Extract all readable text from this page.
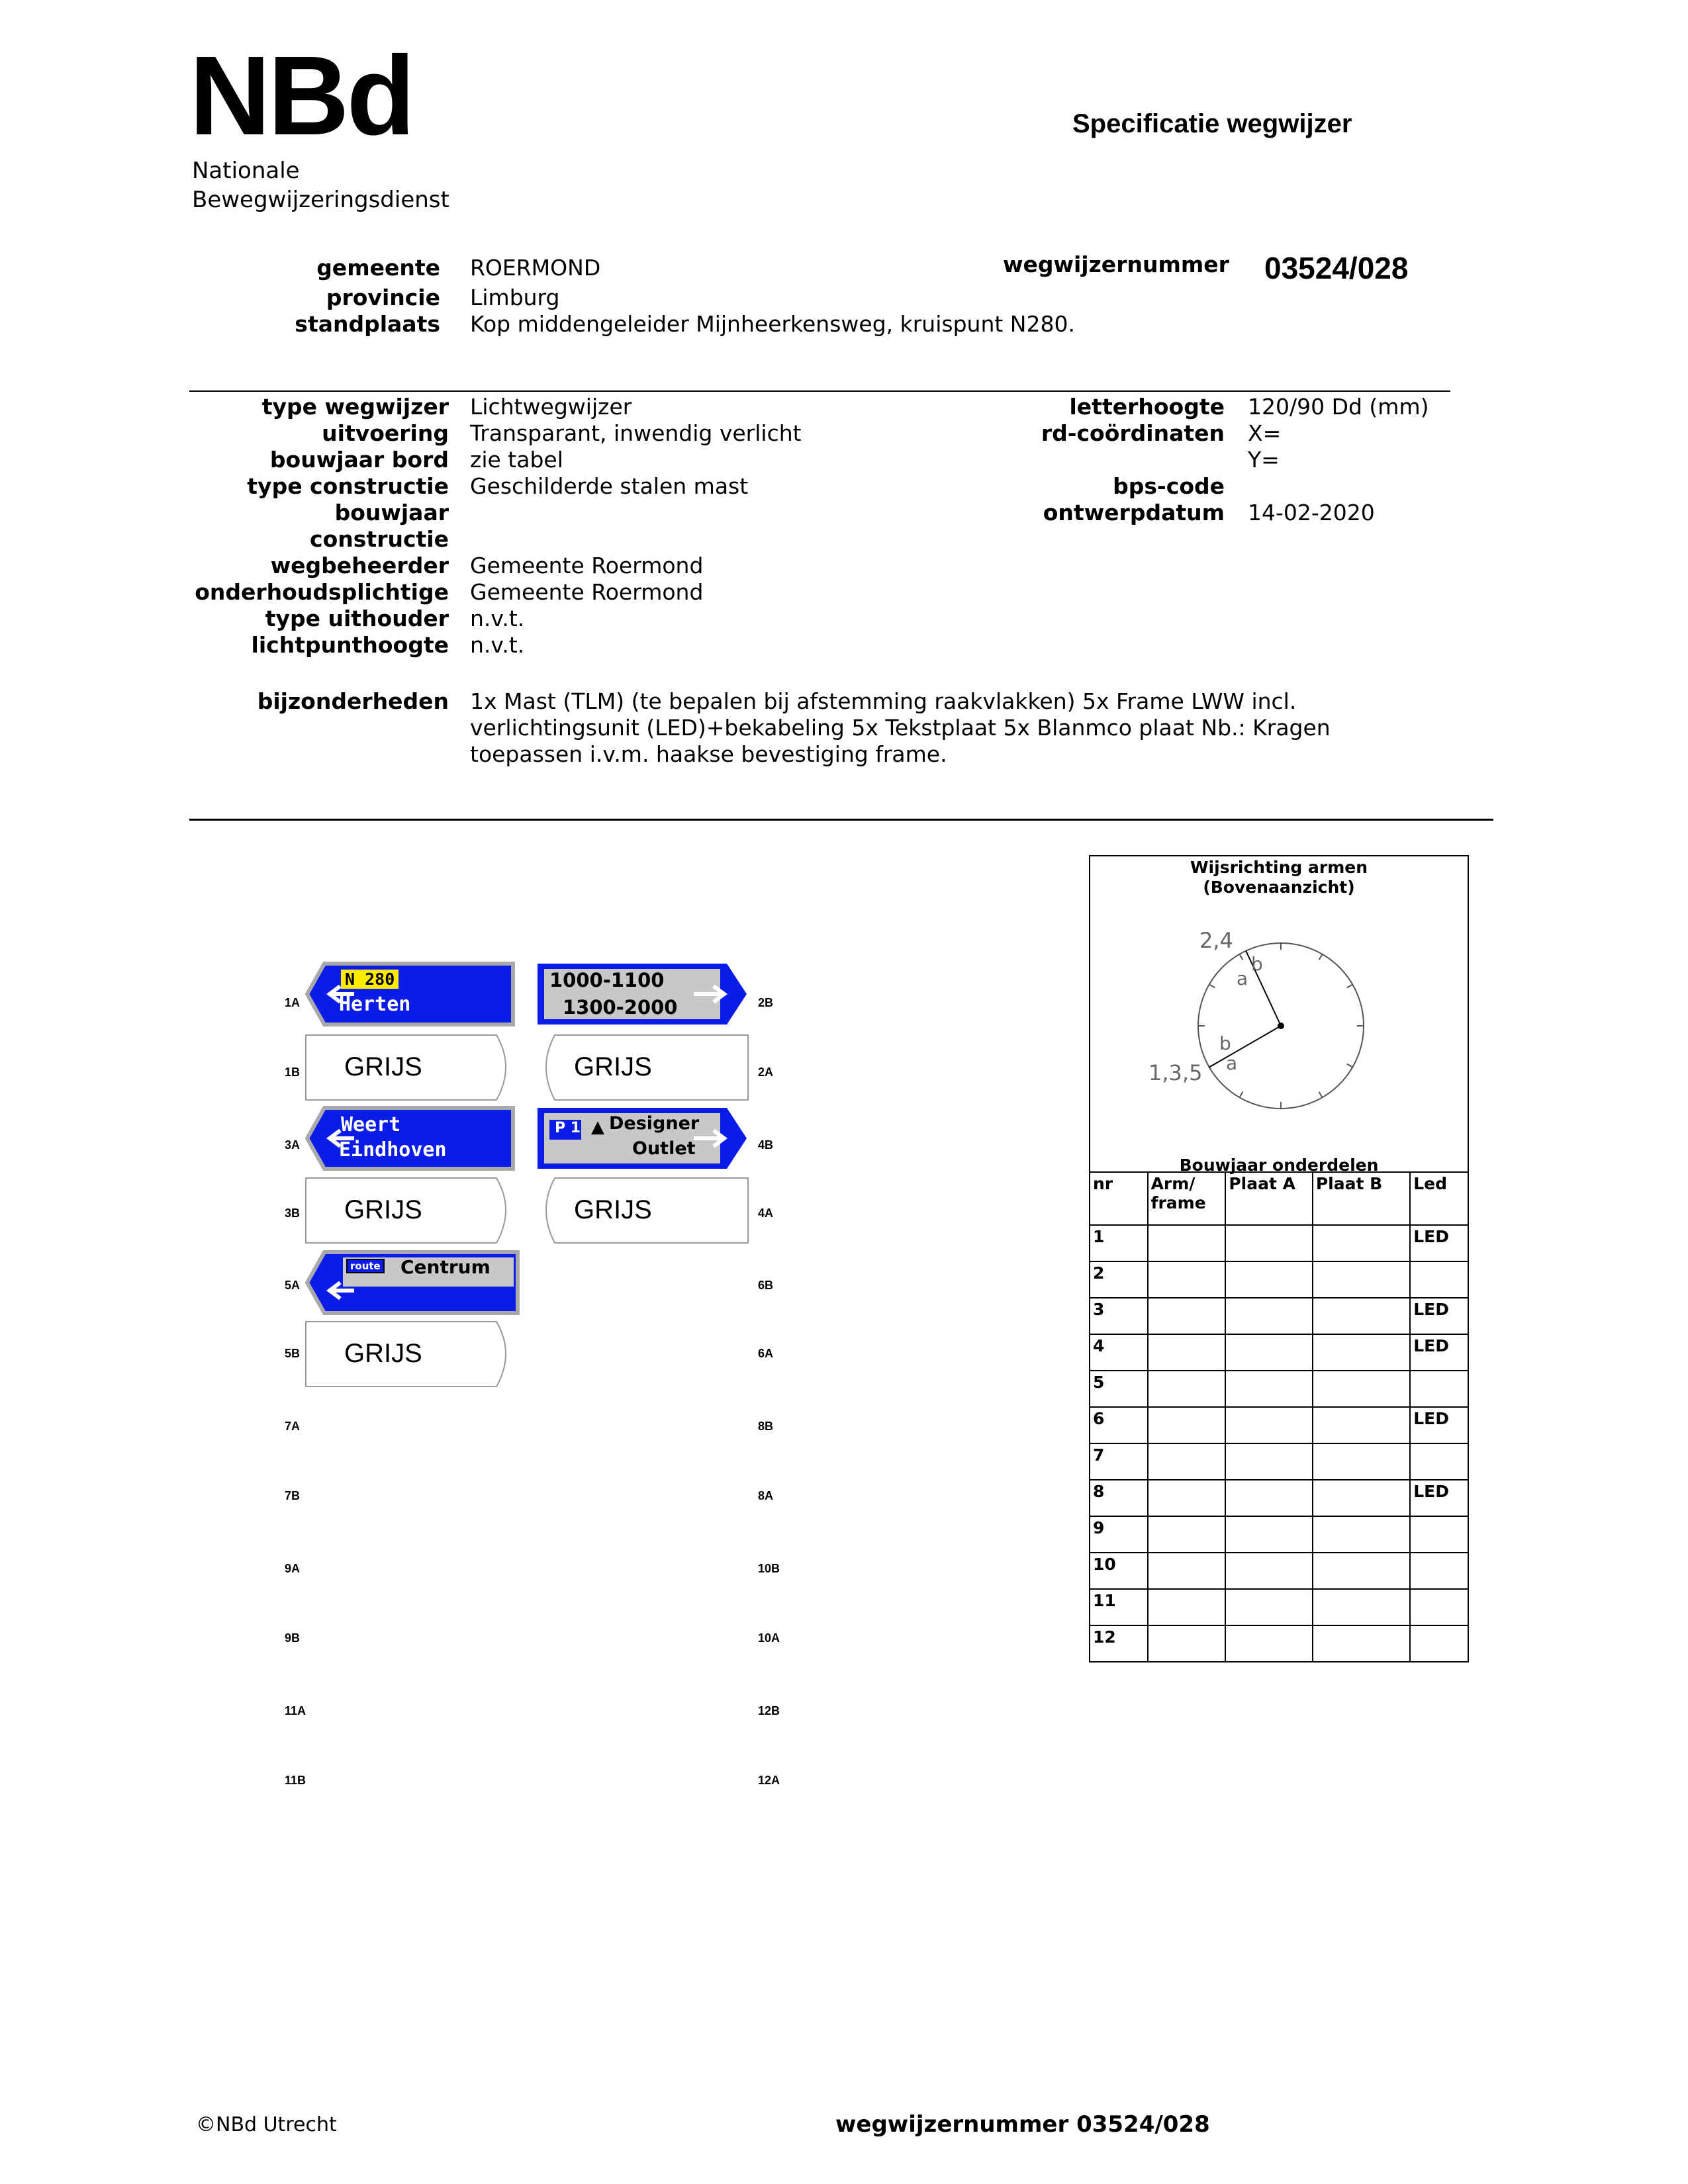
NBd
Nationale
Bewegwijzeringsdienst
Specificatie wegwijzer
gemeente ROERMOND
provincie Limburg
standplaats Kop middengeleider Mijnheerkensweg, kruispunt N280.
wegwijzernummer 03524/028
type wegwijzer Lichtwegwijzer
uitvoering Transparant, inwendig verlicht
bouwjaar bord zie tabel
type constructie Geschilderde stalen mast
bouwjaar
constructie
wegbeheerder Gemeente Roermond
onderhoudsplichtige Gemeente Roermond
type uithouder n.v.t.
lichtpunthoogte n.v.t.
letterhoogte 120/90 Dd (mm)
rd-coördinaten X=
Y=
bps-code
ontwerpdatum 14-02-2020
bijzonderheden 1x Mast (TLM) (te bepalen bij afstemming raakvlakken) 5x Frame LWW incl.
verlichtingsunit (LED)+bekabeling 5x Tekstplaat 5x Blanmco plaat Nb.: Kragen
toepassen i.v.m. haakse bevestiging frame.
1A
1B
3A
3B
5A
5B
7A
7B
9A
9B
11A
11B
2B
2A
4B
4A
6B
6A
8B
8A
10B
10A
12B
12A
N 280
Herten
1000-1100
1300-2000
GRIJS	GRIJS
Weert
Eindhoven
P 1 ▲ Designer
Outlet
GRIJS	GRIJS
route Centrum
GRIJS
Wijsrichting armen
(Bovenaanzicht)
2,4
1,3,5
a
b
b
a
Bouwjaar onderdelen
nr	Arm/ frame	Plaat A	Plaat B	Led
1				LED
2				
3				LED
4				LED
5				
6				LED
7				
8				LED
9				
10				
11				
12				
©NBd Utrecht	wegwijzernummer 03524/028
